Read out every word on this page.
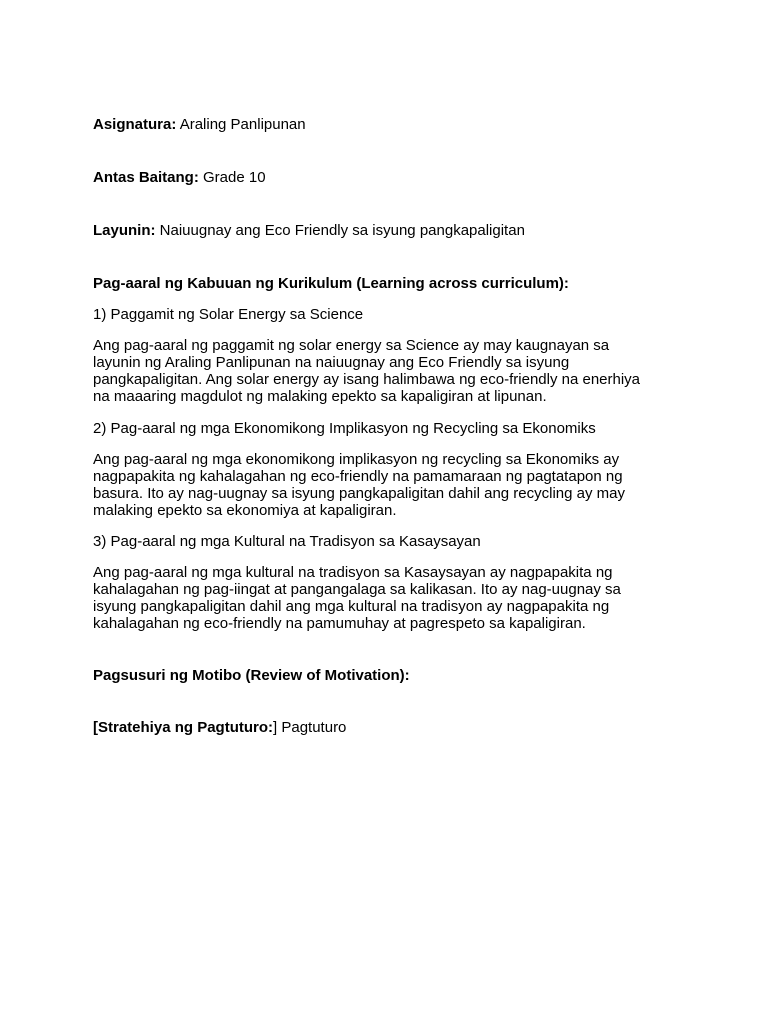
Asignatura: Araling Panlipunan

Antas Baitang: Grade 10

Layunin: Naiuugnay ang Eco Friendly sa isyung pangkapaligitan

Pag-aaral ng Kabuuan ng Kurikulum (Learning across curriculum):

1) Paggamit ng Solar Energy sa Science

Ang pag-aaral ng paggamit ng solar energy sa Science ay may kaugnayan sa
layunin ng Araling Panlipunan na naiuugnay ang Eco Friendly sa isyung
pangkapaligitan. Ang solar energy ay isang halimbawa ng eco-friendly na enerhiya
na maaaring magdulot ng malaking epekto sa kapaligiran at lipunan.

2) Pag-aaral ng mga Ekonomikong Implikasyon ng Recycling sa Ekonomiks

Ang pag-aaral ng mga ekonomikong implikasyon ng recycling sa Ekonomiks ay
nagpapakita ng kahalagahan ng eco-friendly na pamamaraan ng pagtatapon ng
basura. Ito ay nag-uugnay sa isyung pangkapaligitan dahil ang recycling ay may
malaking epekto sa ekonomiya at kapaligiran.

3) Pag-aaral ng mga Kultural na Tradisyon sa Kasaysayan

Ang pag-aaral ng mga kultural na tradisyon sa Kasaysayan ay nagpapakita ng
kahalagahan ng pag-iingat at pangangalaga sa kalikasan. Ito ay nag-uugnay sa
isyung pangkapaligitan dahil ang mga kultural na tradisyon ay nagpapakita ng
kahalagahan ng eco-friendly na pamumuhay at pagrespeto sa kapaligiran.

Pagsusuri ng Motibo (Review of Motivation):

[Stratehiya ng Pagtuturo:] Pagtuturo
